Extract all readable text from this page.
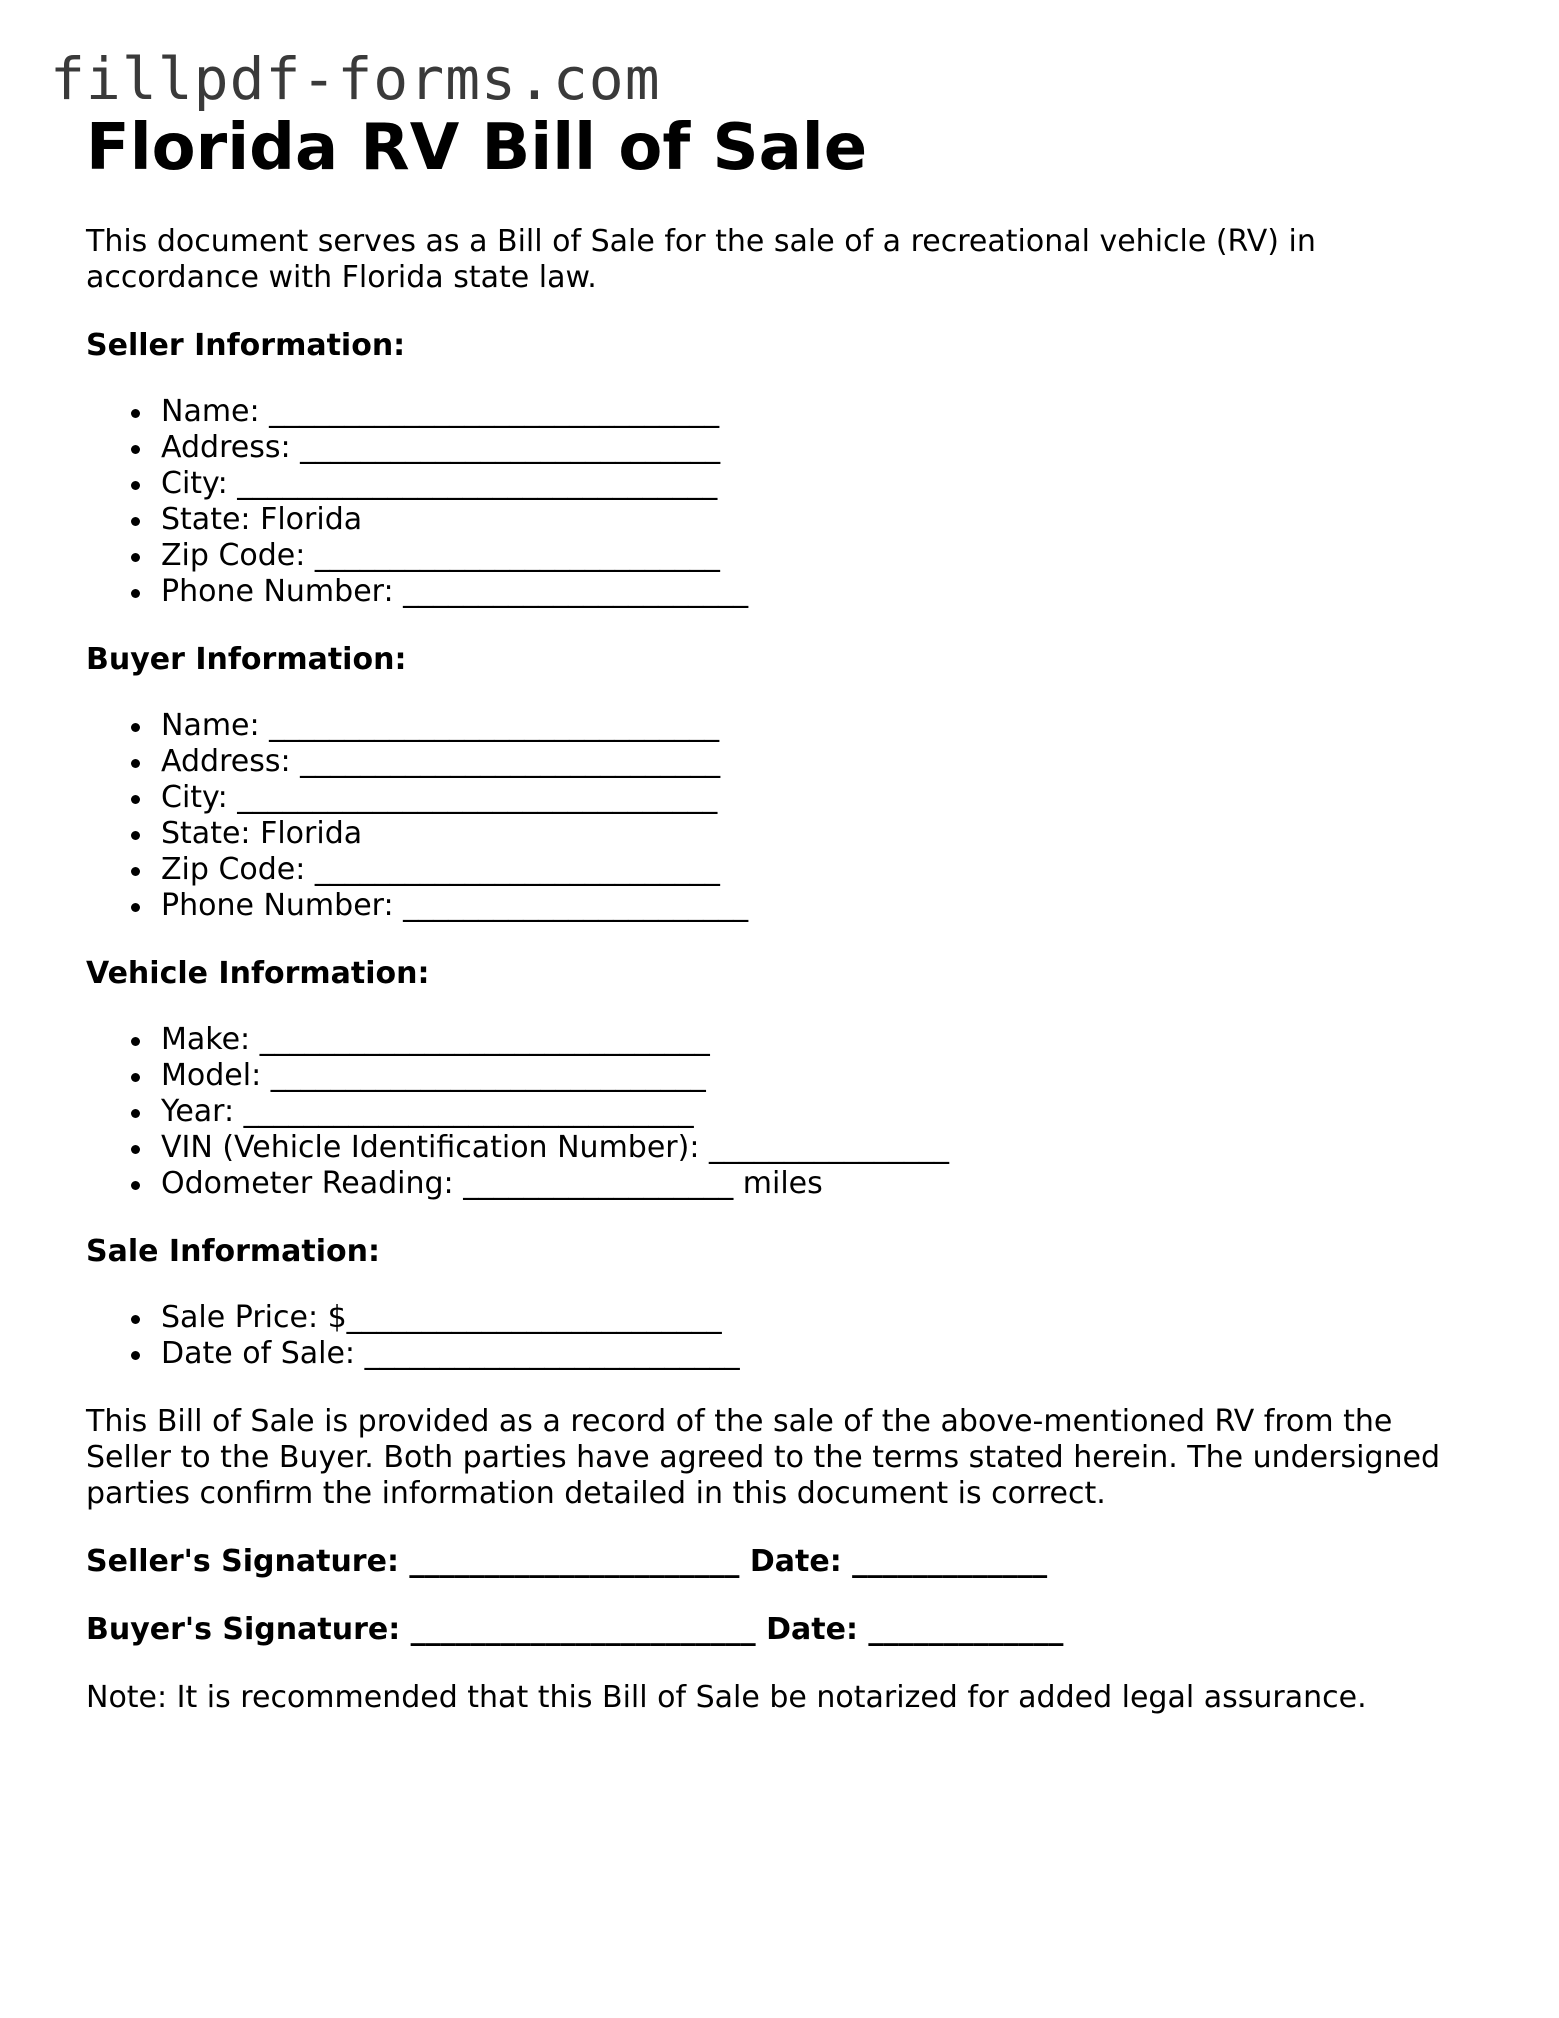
fillpdf-forms.com
Florida RV Bill of Sale

This document serves as a Bill of Sale for the sale of a recreational vehicle (RV) in accordance with Florida state law.

Seller Information:
Name: ______________________________
Address: ____________________________
City: ________________________________
State: Florida
Zip Code: ___________________________
Phone Number: _______________________
Buyer Information:
Name: ______________________________
Address: ____________________________
City: ________________________________
State: Florida
Zip Code: ___________________________
Phone Number: _______________________
Vehicle Information:
Make: ______________________________
Model: _____________________________
Year: ______________________________
VIN (Vehicle Identification Number): ________________
Odometer Reading: __________________ miles
Sale Information:
Sale Price: $_________________________
Date of Sale: _________________________

This Bill of Sale is provided as a record of the sale of the above-mentioned RV from the Seller to the Buyer. Both parties have agreed to the terms stated herein. The undersigned parties confirm the information detailed in this document is correct.

Seller's Signature: ______________________ Date: _____________
Buyer's Signature: _______________________ Date: _____________

Note: It is recommended that this Bill of Sale be notarized for added legal assurance.
